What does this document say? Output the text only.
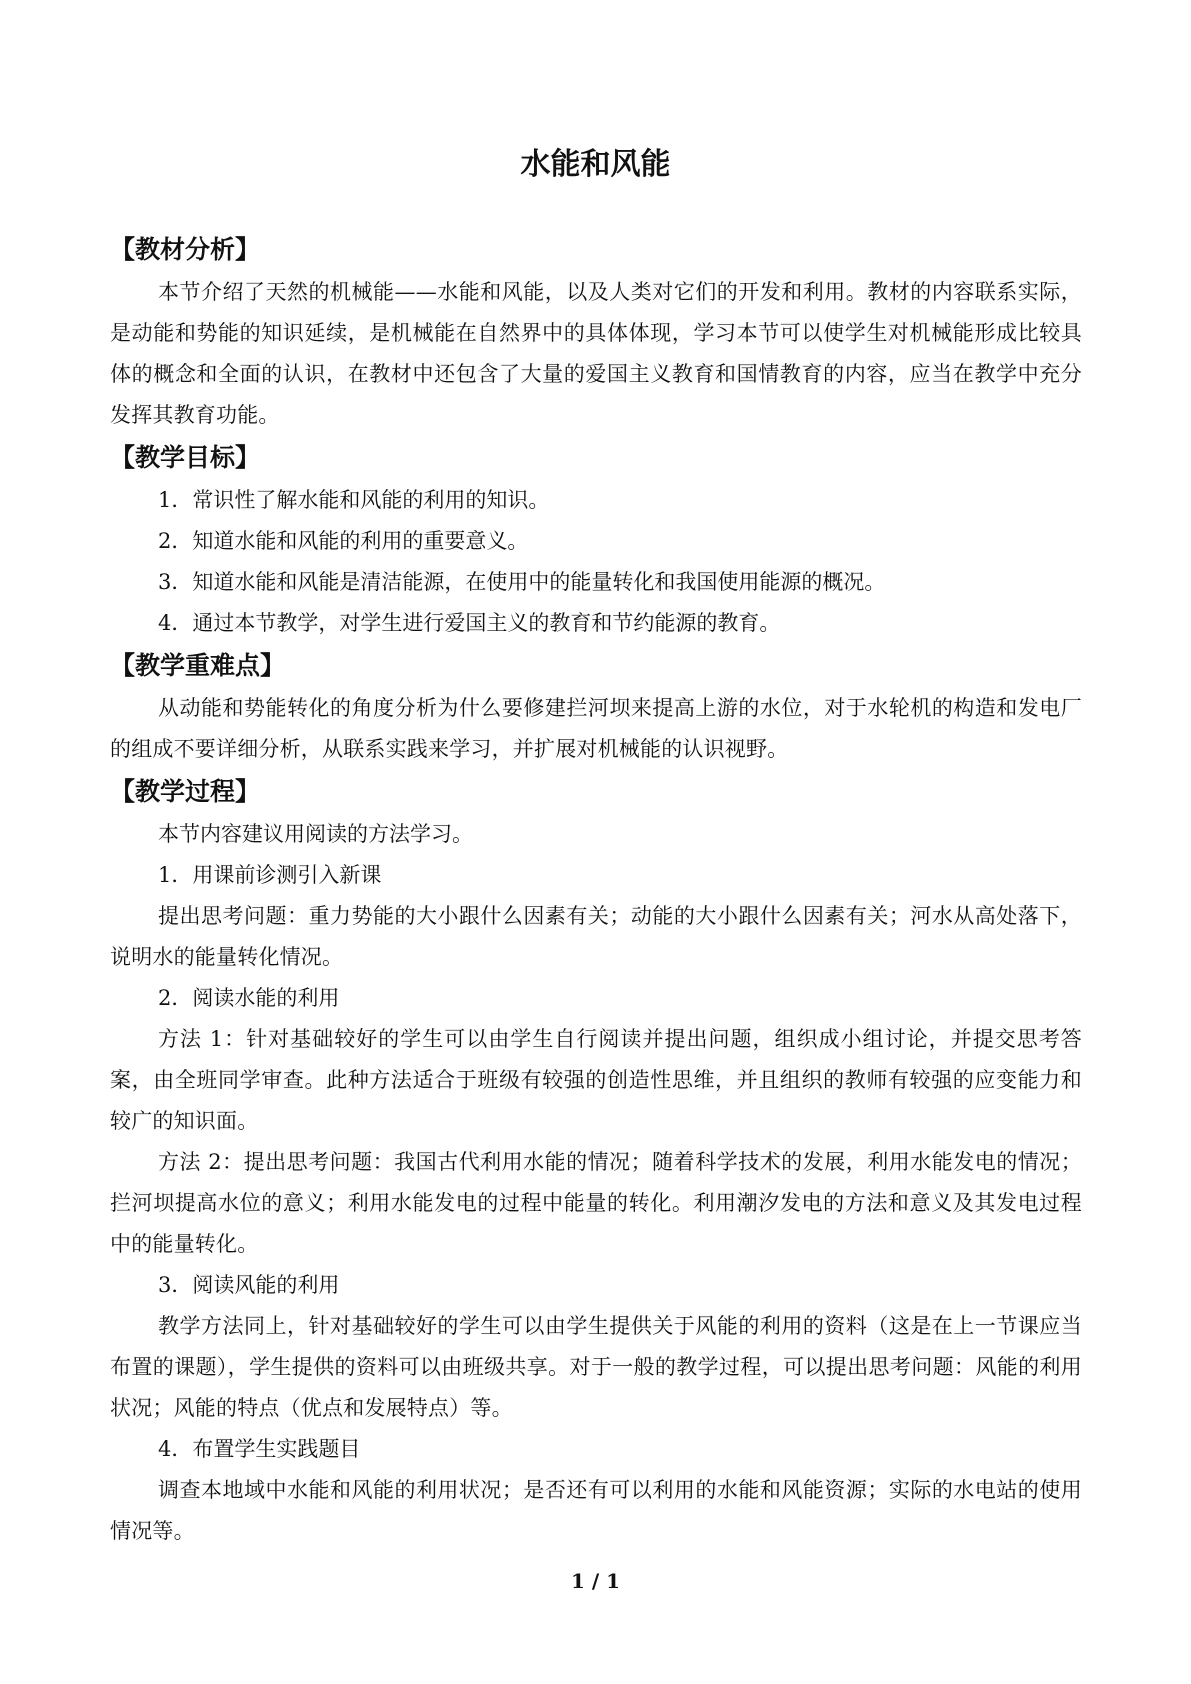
水能和风能
【教材分析】

本节介绍了天然的机械能——水能和风能，以及人类对它们的开发和利用。教材的内容联系实际，是动能和势能的知识延续，是机械能在自然界中的具体体现，学习本节可以使学生对机械能形成比较具体的概念和全面的认识，在教材中还包含了大量的爱国主义教育和国情教育的内容，应当在教学中充分发挥其教育功能。

【教学目标】

1．常识性了解水能和风能的利用的知识。

2．知道水能和风能的利用的重要意义。

3．知道水能和风能是清洁能源，在使用中的能量转化和我国使用能源的概况。

4．通过本节教学，对学生进行爱国主义的教育和节约能源的教育。

【教学重难点】

从动能和势能转化的角度分析为什么要修建拦河坝来提高上游的水位，对于水轮机的构造和发电厂的组成不要详细分析，从联系实践来学习，并扩展对机械能的认识视野。

【教学过程】

本节内容建议用阅读的方法学习。

1．用课前诊测引入新课

提出思考问题：重力势能的大小跟什么因素有关；动能的大小跟什么因素有关；河水从高处落下，说明水的能量转化情况。

2．阅读水能的利用

方法 1：针对基础较好的学生可以由学生自行阅读并提出问题，组织成小组讨论，并提交思考答案，由全班同学审查。此种方法适合于班级有较强的创造性思维，并且组织的教师有较强的应变能力和较广的知识面。

方法 2：提出思考问题：我国古代利用水能的情况；随着科学技术的发展，利用水能发电的情况；拦河坝提高水位的意义；利用水能发电的过程中能量的转化。利用潮汐发电的方法和意义及其发电过程中的能量转化。

3．阅读风能的利用

教学方法同上，针对基础较好的学生可以由学生提供关于风能的利用的资料（这是在上一节课应当布置的课题），学生提供的资料可以由班级共享。对于一般的教学过程，可以提出思考问题：风能的利用状况；风能的特点（优点和发展特点）等。

4．布置学生实践题目

调查本地域中水能和风能的利用状况；是否还有可以利用的水能和风能资源；实际的水电站的使用情况等。

1 / 1
